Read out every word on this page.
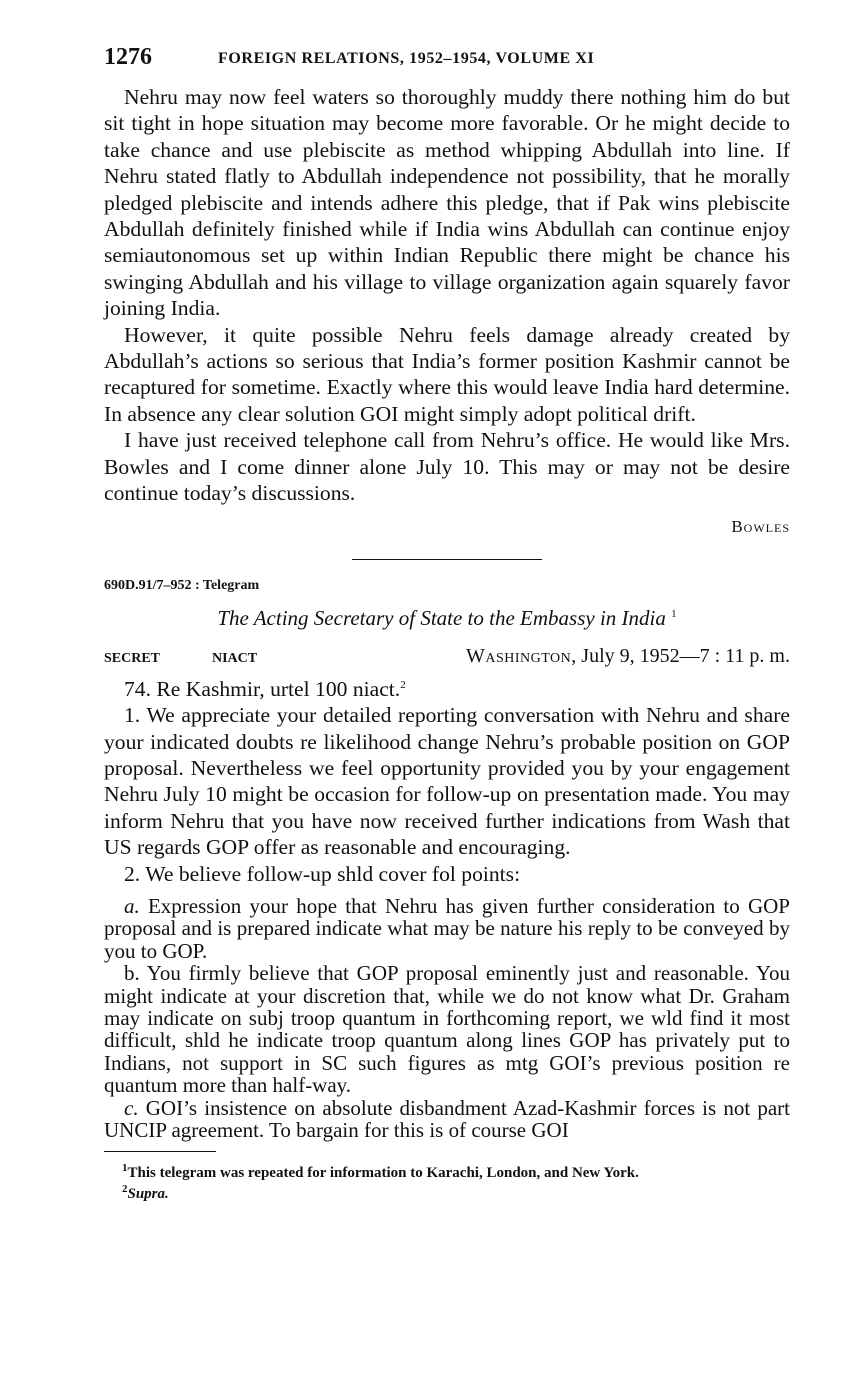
1276	FOREIGN RELATIONS, 1952–1954, VOLUME XI

Nehru may now feel waters so thoroughly muddy there nothing him do but sit tight in hope situation may become more favorable. Or he might decide to take chance and use plebiscite as method whipping Abdullah into line. If Nehru stated flatly to Abdullah independence not possibility, that he morally pledged plebiscite and intends adhere this pledge, that if Pak wins plebiscite Abdullah definitely finished while if India wins Abdullah can continue enjoy semiautonomous set up within Indian Republic there might be chance his swinging Abdullah and his village to village organization again squarely favor joining India.

However, it quite possible Nehru feels damage already created by Abdullah’s actions so serious that India’s former position Kashmir cannot be recaptured for sometime. Exactly where this would leave India hard determine. In absence any clear solution GOI might simply adopt political drift.

I have just received telephone call from Nehru’s office. He would like Mrs. Bowles and I come dinner alone July 10. This may or may not be desire continue today’s discussions.

Bowles
690D.91/7–952 : Telegram
The Acting Secretary of State to the Embassy in India $^1$
SECRET	NIACT	Washington, July 9, 1952—7 : 11 p. m.

74. Re Kashmir, urtel 100 niact.$^2$

1. We appreciate your detailed reporting conversation with Nehru and share your indicated doubts re likelihood change Nehru’s probable position on GOP proposal. Nevertheless we feel opportunity provided you by your engagement Nehru July 10 might be occasion for follow-up on presentation made. You may inform Nehru that you have now received further indications from Wash that US regards GOP offer as reasonable and encouraging.

2. We believe follow-up shld cover fol points:

a. Expression your hope that Nehru has given further consideration to GOP proposal and is prepared indicate what may be nature his reply to be conveyed by you to GOP.

b. You firmly believe that GOP proposal eminently just and reasonable. You might indicate at your discretion that, while we do not know what Dr. Graham may indicate on subj troop quantum in forthcoming report, we wld find it most difficult, shld he indicate troop quantum along lines GOP has privately put to Indians, not support in SC such figures as mtg GOI’s previous position re quantum more than half-way.

c. GOI’s insistence on absolute disbandment Azad-Kashmir forces is not part UNCIP agreement. To bargain for this is of course GOI

$^1$This telegram was repeated for information to Karachi, London, and New York.

$^2$Supra.
